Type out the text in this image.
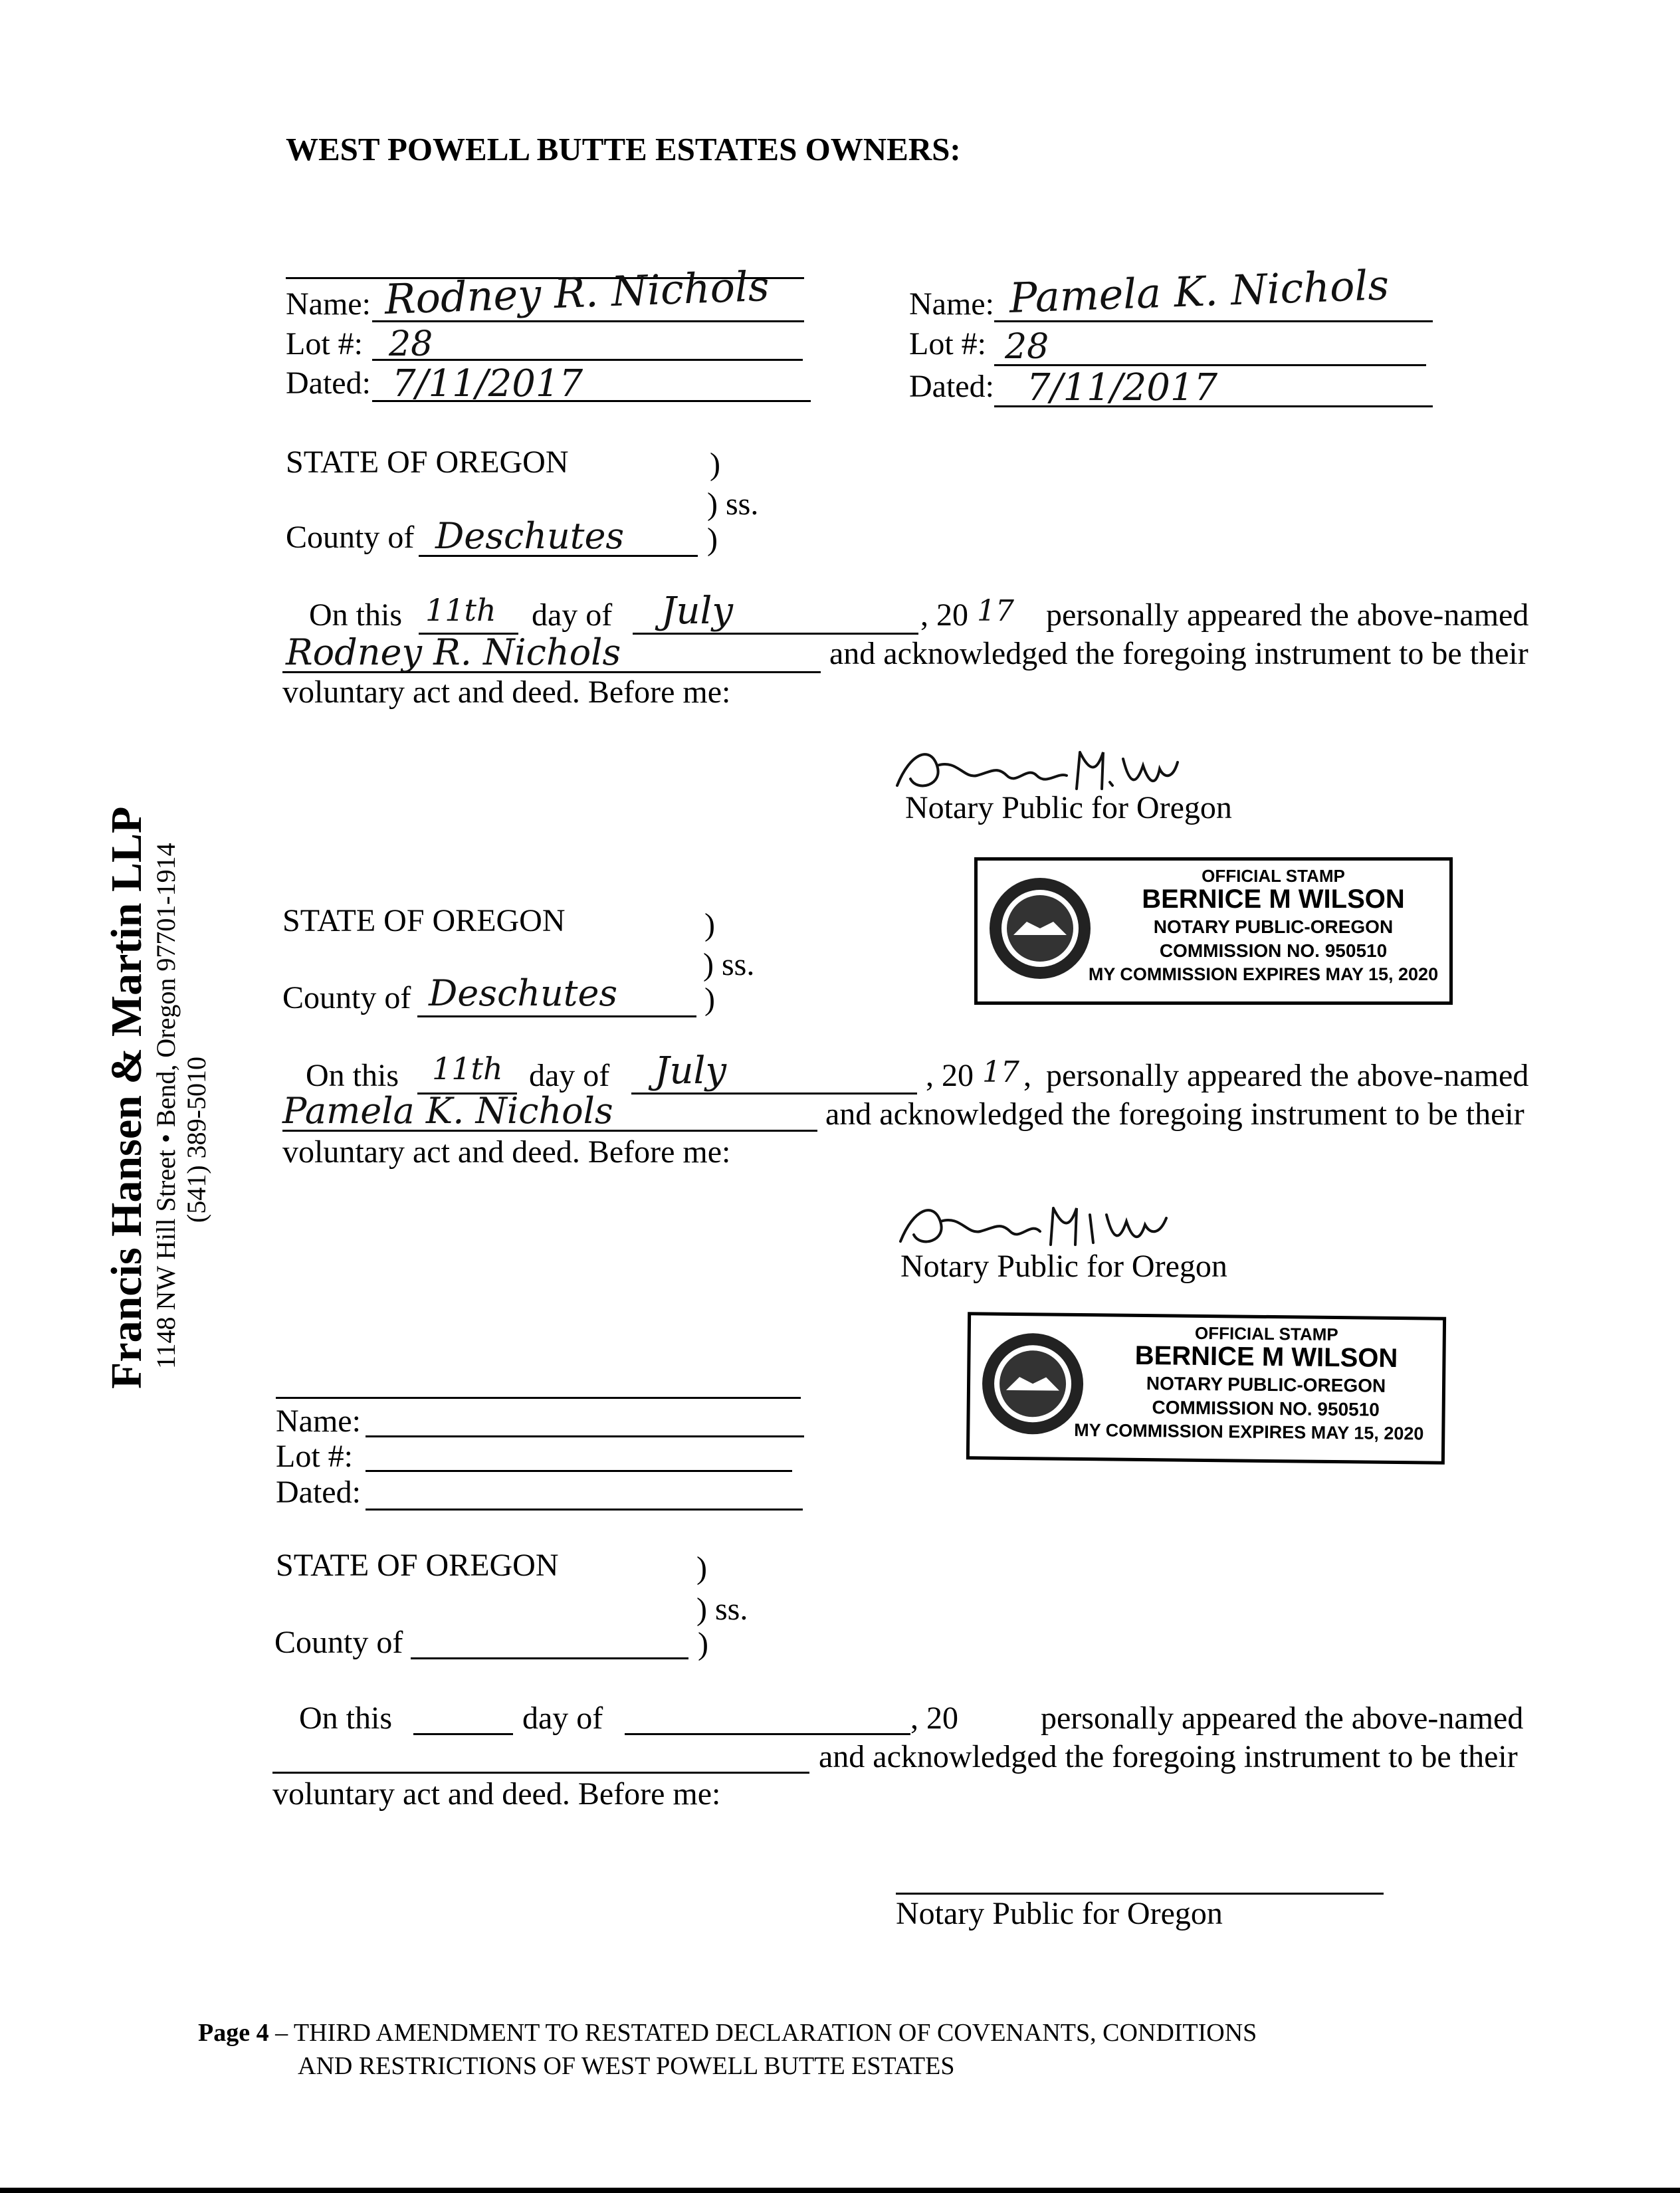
WEST POWELL BUTTE ESTATES OWNERS:
Name: Rodney R. Nichols
Lot #: 28
Dated: 7/11/2017
Name: Pamela K. Nichols
Lot #: 28
Dated: 7/11/2017
STATE OF OREGON	)
) ss.
County of Deschutes	)
On this 11th day of July	, 20 17 personally appeared the above-named
Rodney R. Nichols	and acknowledged the foregoing instrument to be their
voluntary act and deed. Before me:
Notary Public for Oregon
OFFICIAL STAMP
BERNICE M WILSON
NOTARY PUBLIC-OREGON
COMMISSION NO. 950510
MY COMMISSION EXPIRES MAY 15, 2020
STATE OF OREGON	)
) ss.
County of Deschutes	)
On this 11th day of July	, 20 17 , personally appeared the above-named
Pamela K. Nichols	and acknowledged the foregoing instrument to be their
voluntary act and deed. Before me:
Notary Public for Oregon
OFFICIAL STAMP
BERNICE M WILSON
NOTARY PUBLIC-OREGON
COMMISSION NO. 950510
MY COMMISSION EXPIRES MAY 15, 2020
Name:
Lot #:
Dated:
STATE OF OREGON	)
) ss.
County of	)
On this	day of	, 20	personally appeared the above-named
and acknowledged the foregoing instrument to be their
voluntary act and deed. Before me:
Notary Public for Oregon
Francis Hansen & Martin LLP 1148 NW Hill Street • Bend, Oregon 97701-1914 (541) 389-5010
Page 4 – THIRD AMENDMENT TO RESTATED DECLARATION OF COVENANTS, CONDITIONS
AND RESTRICTIONS OF WEST POWELL BUTTE ESTATES
